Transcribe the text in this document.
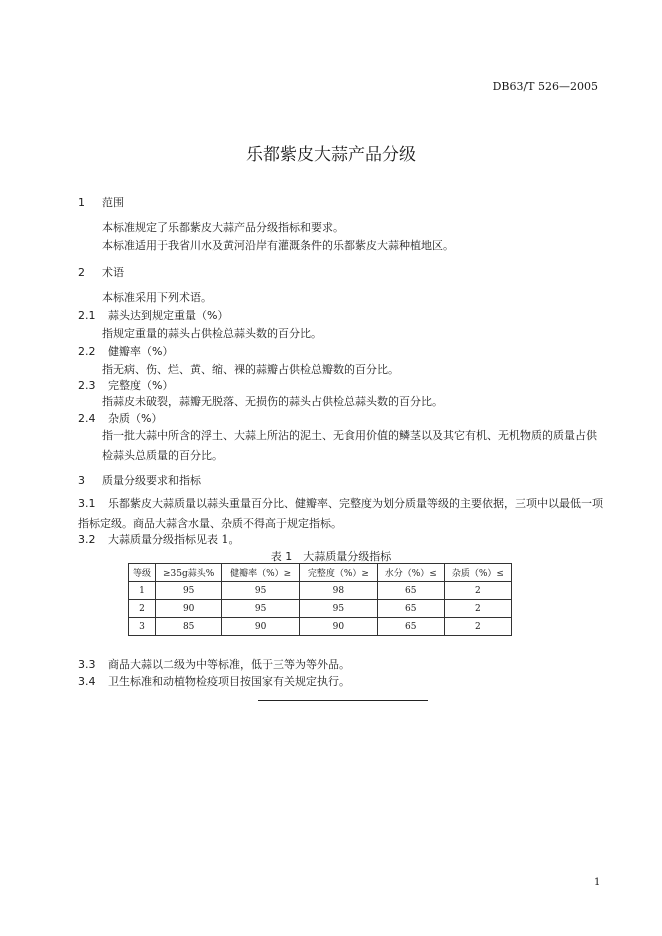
DB63/T 526—2005
乐都紫皮大蒜产品分级
1 范围
本标准规定了乐都紫皮大蒜产品分级指标和要求。
本标准适用于我省川水及黄河沿岸有灌溉条件的乐都紫皮大蒜种植地区。
2 术语
本标准采用下列术语。
2.1 蒜头达到规定重量（%）
指规定重量的蒜头占供检总蒜头数的百分比。
2.2 健瓣率（%）
指无病、伤、烂、黄、缩、裸的蒜瓣占供检总瓣数的百分比。
2.3 完整度（%）
指蒜皮未破裂，蒜瓣无脱落、无损伤的蒜头占供检总蒜头数的百分比。
2.4 杂质（%）
指一批大蒜中所含的浮土、大蒜上所沾的泥土、无食用价值的鳞茎以及其它有机、无机物质的质量占供检蒜头总质量的百分比。
3 质量分级要求和指标
3.1 乐都紫皮大蒜质量以蒜头重量百分比、健瓣率、完整度为划分质量等级的主要依据，三项中以最低一项指标定级。商品大蒜含水量、杂质不得高于规定指标。
3.2 大蒜质量分级指标见表 1。
表 1　大蒜质量分级指标
等级	≥35g蒜头%	健瓣率（%）≥	完整度（%）≥	水分（%）≤	杂质（%）≤
1	95	95	98	65	2
2	90	95	95	65	2
3	85	90	90	65	2
3.3 商品大蒜以二级为中等标准，低于三等为等外品。
3.4 卫生标准和动植物检疫项目按国家有关规定执行。
1
